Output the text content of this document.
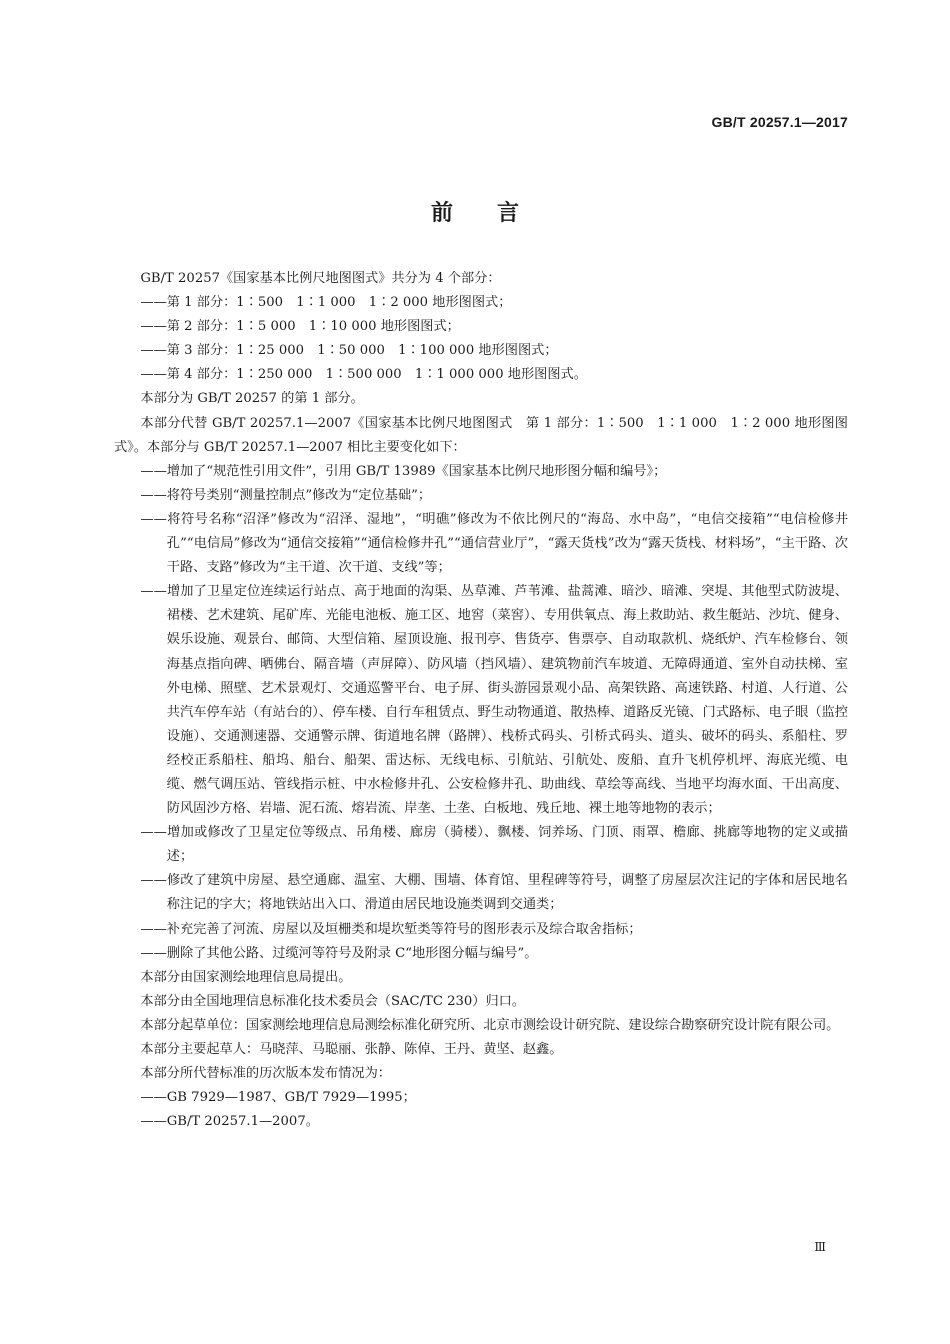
GB/T 20257.1—2017
前言

GB/T 20257《国家基本比例尺地图图式》共分为 4 个部分：

——第 1 部分：1∶500　1∶1 000　1∶2 000 地形图图式；

——第 2 部分：1∶5 000　1∶10 000 地形图图式；

——第 3 部分：1∶25 000　1∶50 000　1∶100 000 地形图图式；

——第 4 部分：1∶250 000　1∶500 000　1∶1 000 000 地形图图式。

本部分为 GB/T 20257 的第 1 部分。

本部分代替 GB/T 20257.1—2007《国家基本比例尺地图图式　第 1 部分：1∶500　1∶1 000　1∶2 000 地形图图式》。本部分与 GB/T 20257.1—2007 相比主要变化如下：

——增加了“规范性引用文件”，引用 GB/T 13989《国家基本比例尺地形图分幅和编号》；

——将符号类别“测量控制点”修改为“定位基础”；

——将符号名称“沼泽”修改为“沼泽、湿地”，“明礁”修改为不依比例尺的“海岛、水中岛”，“电信交接箱”“电信检修井孔”“电信局”修改为“通信交接箱”“通信检修井孔”“通信营业厅”，“露天货栈”改为“露天货栈、材料场”，“主干路、次干路、支路”修改为“主干道、次干道、支线”等；

——增加了卫星定位连续运行站点、高于地面的沟渠、丛草滩、芦苇滩、盐蒿滩、暗沙、暗滩、突堤、其他型式防波堤、裙楼、艺术建筑、尾矿库、光能电池板、施工区、地窖（菜窖）、专用供氧点、海上救助站、救生艇站、沙坑、健身、娱乐设施、观景台、邮筒、大型信箱、屋顶设施、报刊亭、售货亭、售票亭、自动取款机、烧纸炉、汽车检修台、领海基点指向碑、晒佛台、隔音墙（声屏障）、防风墙（挡风墙）、建筑物前汽车坡道、无障碍通道、室外自动扶梯、室外电梯、照壁、艺术景观灯、交通巡警平台、电子屏、街头游园景观小品、高架铁路、高速铁路、村道、人行道、公共汽车停车站（有站台的）、停车楼、自行车租赁点、野生动物通道、散热棒、道路反光镜、门式路标、电子眼（监控设施）、交通测速器、交通警示牌、街道地名牌（路牌）、栈桥式码头、引桥式码头、道头、破坏的码头、系船柱、罗经校正系船柱、船坞、船台、船架、雷达标、无线电标、引航站、引航处、废船、直升飞机停机坪、海底光缆、电缆、燃气调压站、管线指示桩、中水检修井孔、公安检修井孔、助曲线、草绘等高线、当地平均海水面、干出高度、防风固沙方格、岩墙、泥石流、熔岩流、岸垄、土垄、白板地、残丘地、裸土地等地物的表示；

——增加或修改了卫星定位等级点、吊角楼、廊房（骑楼）、飘楼、饲养场、门顶、雨罩、檐廊、挑廊等地物的定义或描述；

——修改了建筑中房屋、悬空通廊、温室、大棚、围墙、体育馆、里程碑等符号，调整了房屋层次注记的字体和居民地名称注记的字大；将地铁站出入口、滑道由居民地设施类调到交通类；

——补充完善了河流、房屋以及垣栅类和堤坎堑类等符号的图形表示及综合取舍指标；

——删除了其他公路、过缆河等符号及附录 C“地形图分幅与编号”。

本部分由国家测绘地理信息局提出。

本部分由全国地理信息标准化技术委员会（SAC/TC 230）归口。

本部分起草单位：国家测绘地理信息局测绘标准化研究所、北京市测绘设计研究院、建设综合勘察研究设计院有限公司。

本部分主要起草人：马晓萍、马聪丽、张静、陈倬、王丹、黄坚、赵鑫。

本部分所代替标准的历次版本发布情况为：

——GB 7929—1987、GB/T 7929—1995；

——GB/T 20257.1—2007。

Ⅲ
